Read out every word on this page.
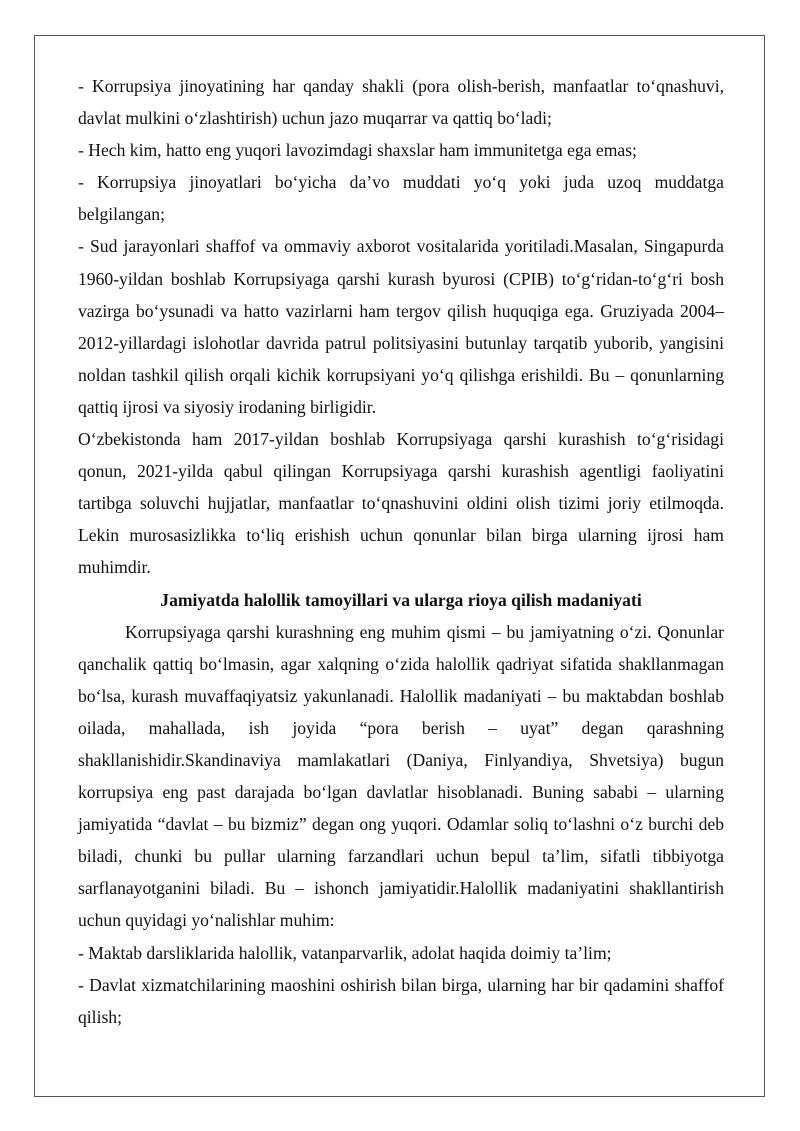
- Korrupsiya jinoyatining har qanday shakli (pora olish-berish, manfaatlar to‘qnashuvi, davlat mulkini o‘zlashtirish) uchun jazo muqarrar va qattiq bo‘ladi;

- Hech kim, hatto eng yuqori lavozimdagi shaxslar ham immunitetga ega emas;

- Korrupsiya jinoyatlari bo‘yicha da’vo muddati yo‘q yoki juda uzoq muddatga belgilangan;

- Sud jarayonlari shaffof va ommaviy axborot vositalarida yoritiladi.Masalan, Singapurda 1960-yildan boshlab Korrupsiyaga qarshi kurash byurosi (CPIB) to‘g‘ridan-to‘g‘ri bosh vazirga bo‘ysunadi va hatto vazirlarni ham tergov qilish huquqiga ega. Gruziyada 2004–2012-yillardagi islohotlar davrida patrul politsiyasini butunlay tarqatib yuborib, yangisini noldan tashkil qilish orqali kichik korrupsiyani yo‘q qilishga erishildi. Bu – qonunlarning qattiq ijrosi va siyosiy irodaning birligidir.

O‘zbekistonda ham 2017-yildan boshlab Korrupsiyaga qarshi kurashish to‘g‘risidagi qonun, 2021-yilda qabul qilingan Korrupsiyaga qarshi kurashish agentligi faoliyatini tartibga soluvchi hujjatlar, manfaatlar to‘qnashuvini oldini olish tizimi joriy etilmoqda. Lekin murosasizlikka to‘liq erishish uchun qonunlar bilan birga ularning ijrosi ham muhimdir.

Jamiyatda halollik tamoyillari va ularga rioya qilish madaniyati

Korrupsiyaga qarshi kurashning eng muhim qismi – bu jamiyatning o‘zi. Qonunlar qanchalik qattiq bo‘lmasin, agar xalqning o‘zida halollik qadriyat sifatida shakllanmagan bo‘lsa, kurash muvaffaqiyatsiz yakunlanadi. Halollik madaniyati – bu maktabdan boshlab oilada, mahallada, ish joyida “pora berish – uyat” degan qarashning shakllanishidir.Skandinaviya mamlakatlari (Daniya, Finlyandiya, Shvetsiya) bugun korrupsiya eng past darajada bo‘lgan davlatlar hisoblanadi. Buning sababi – ularning jamiyatida “davlat – bu bizmiz” degan ong yuqori. Odamlar soliq to‘lashni o‘z burchi deb biladi, chunki bu pullar ularning farzandlari uchun bepul ta’lim, sifatli tibbiyotga sarflanayotganini biladi. Bu – ishonch jamiyatidir.Halollik madaniyatini shakllantirish uchun quyidagi yo‘nalishlar muhim:

- Maktab darsliklarida halollik, vatanparvarlik, adolat haqida doimiy ta’lim;

- Davlat xizmatchilarining maoshini oshirish bilan birga, ularning har bir qadamini shaffof qilish;
